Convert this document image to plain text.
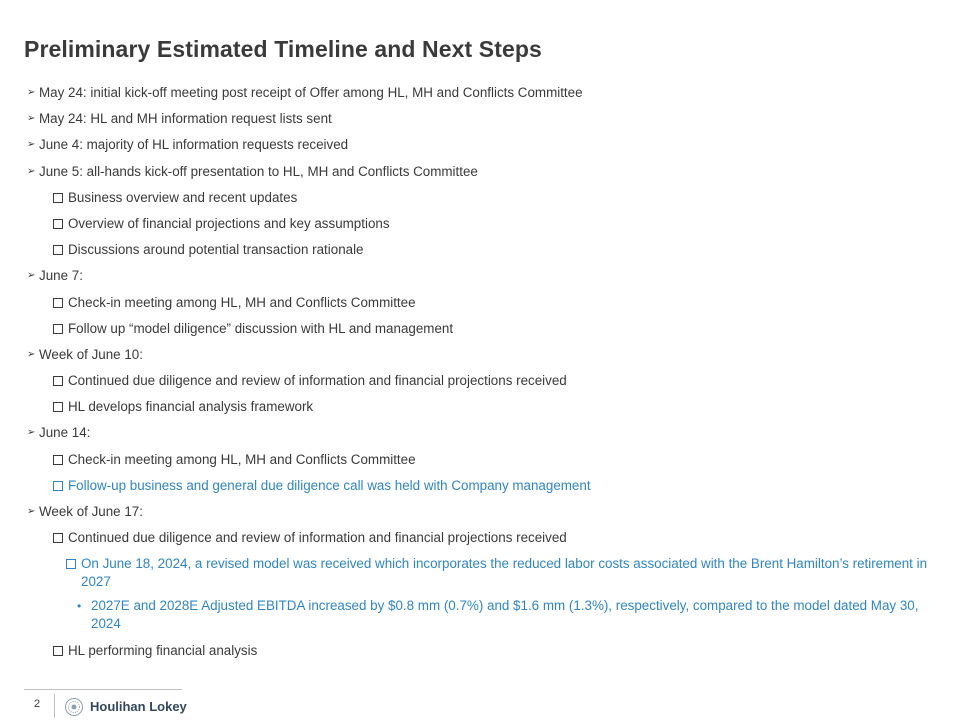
Preliminary Estimated Timeline and Next Steps
➢ May 24: initial kick-off meeting post receipt of Offer among HL, MH and Conflicts Committee
➢ May 24: HL and MH information request lists sent
➢ June 4: majority of HL information requests received
➢ June 5: all-hands kick-off presentation to HL, MH and Conflicts Committee
Business overview and recent updates
Overview of financial projections and key assumptions
Discussions around potential transaction rationale
➢ June 7:
Check-in meeting among HL, MH and Conflicts Committee
Follow up “model diligence” discussion with HL and management
➢ Week of June 10:
Continued due diligence and review of information and financial projections received
HL develops financial analysis framework
➢ June 14:
Check-in meeting among HL, MH and Conflicts Committee
Follow-up business and general due diligence call was held with Company management
➢ Week of June 17:
Continued due diligence and review of information and financial projections received
On June 18, 2024, a revised model was received which incorporates the reduced labor costs associated with the Brent Hamilton’s retirement in 2027
• 2027E and 2028E Adjusted EBITDA increased by $0.8 mm (0.7%) and $1.6 mm (1.3%), respectively, compared to the model dated May 30, 2024
HL performing financial analysis
2	Houlihan Lokey
